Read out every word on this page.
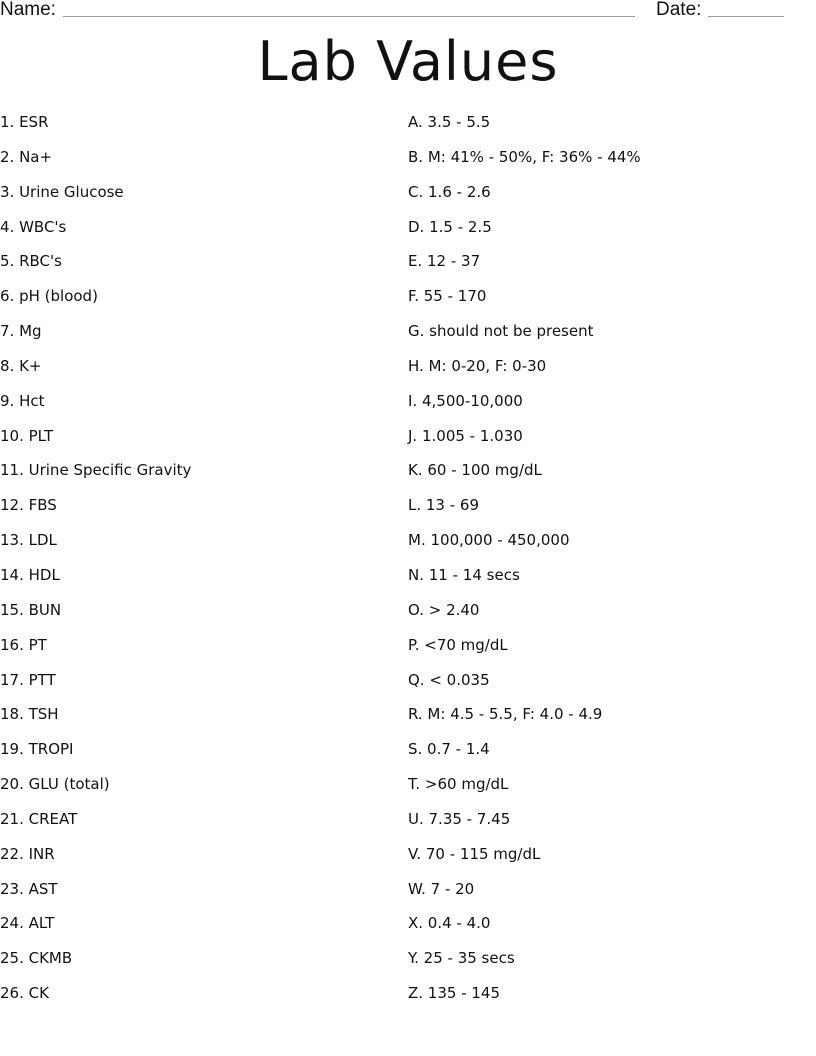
Name:	Date:
Lab Values
1. ESR
2. Na+
3. Urine Glucose
4. WBC's
5. RBC's
6. pH (blood)
7. Mg
8. K+
9. Hct
10. PLT
11. Urine Specific Gravity
12. FBS
13. LDL
14. HDL
15. BUN
16. PT
17. PTT
18. TSH
19. TROPI
20. GLU (total)
21. CREAT
22. INR
23. AST
24. ALT
25. CKMB
26. CK
A. 3.5 - 5.5
B. M: 41% - 50%, F: 36% - 44%
C. 1.6 - 2.6
D. 1.5 - 2.5
E. 12 - 37
F. 55 - 170
G. should not be present
H. M: 0-20, F: 0-30
I. 4,500-10,000
J. 1.005 - 1.030
K. 60 - 100 mg/dL
L. 13 - 69
M. 100,000 - 450,000
N. 11 - 14 secs
O. > 2.40
P. <70 mg/dL
Q. < 0.035
R. M: 4.5 - 5.5, F: 4.0 - 4.9
S. 0.7 - 1.4
T. >60 mg/dL
U. 7.35 - 7.45
V. 70 - 115 mg/dL
W. 7 - 20
X. 0.4 - 4.0
Y. 25 - 35 secs
Z. 135 - 145
